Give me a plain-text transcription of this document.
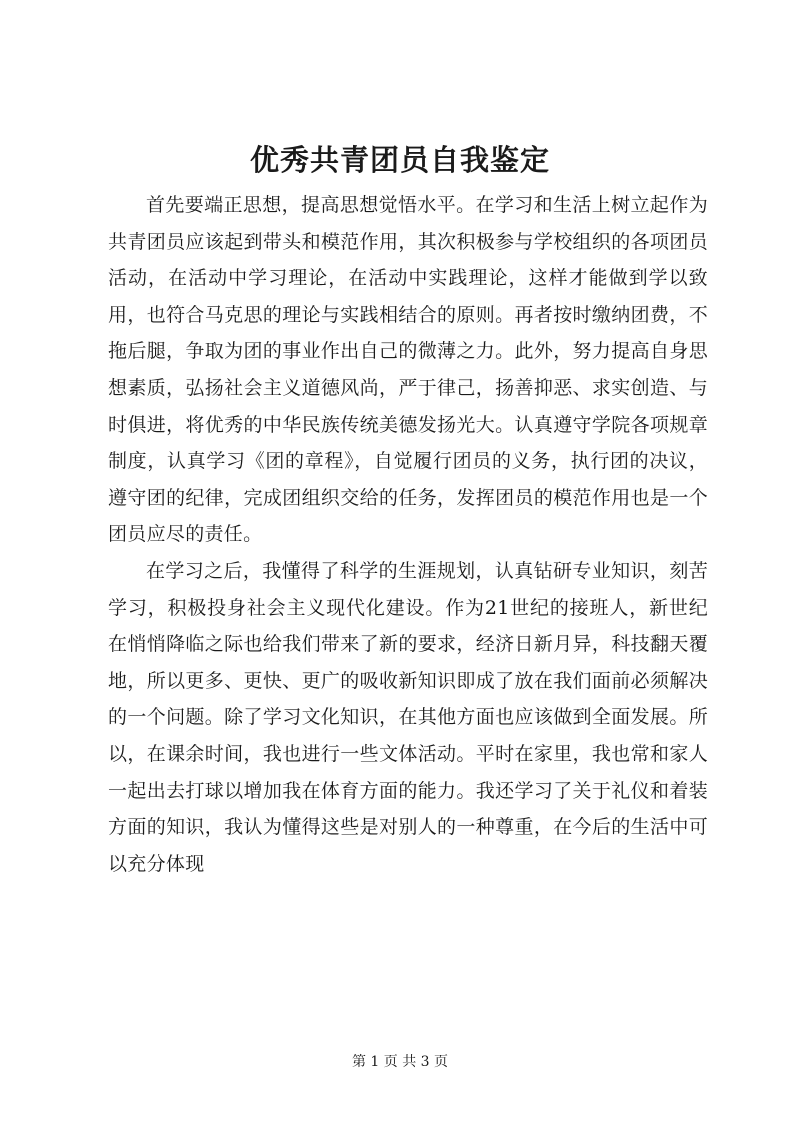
优秀共青团员自我鉴定

首先要端正思想，提高思想觉悟水平。在学习和生活上树立起作为共青团员应该起到带头和模范作用，其次积极参与学校组织的各项团员活动，在活动中学习理论，在活动中实践理论，这样才能做到学以致用，也符合马克思的理论与实践相结合的原则。再者按时缴纳团费，不拖后腿，争取为团的事业作出自己的微薄之力。此外，努力提高自身思想素质，弘扬社会主义道德风尚，严于律己，扬善抑恶、求实创造、与时俱进，将优秀的中华民族传统美德发扬光大。认真遵守学院各项规章制度，认真学习《团的章程》，自觉履行团员的义务，执行团的决议，遵守团的纪律，完成团组织交给的任务，发挥团员的模范作用也是一个团员应尽的责任。

在学习之后，我懂得了科学的生涯规划，认真钻研专业知识，刻苦学习，积极投身社会主义现代化建设。作为21世纪的接班人，新世纪在悄悄降临之际也给我们带来了新的要求，经济日新月异，科技翻天覆地，所以更多、更快、更广的吸收新知识即成了放在我们面前必须解决的一个问题。除了学习文化知识，在其他方面也应该做到全面发展。所以，在课余时间，我也进行一些文体活动。平时在家里，我也常和家人一起出去打球以增加我在体育方面的能力。我还学习了关于礼仪和着装方面的知识，我认为懂得这些是对别人的一种尊重，在今后的生活中可以充分体现

第 1 页 共 3 页
